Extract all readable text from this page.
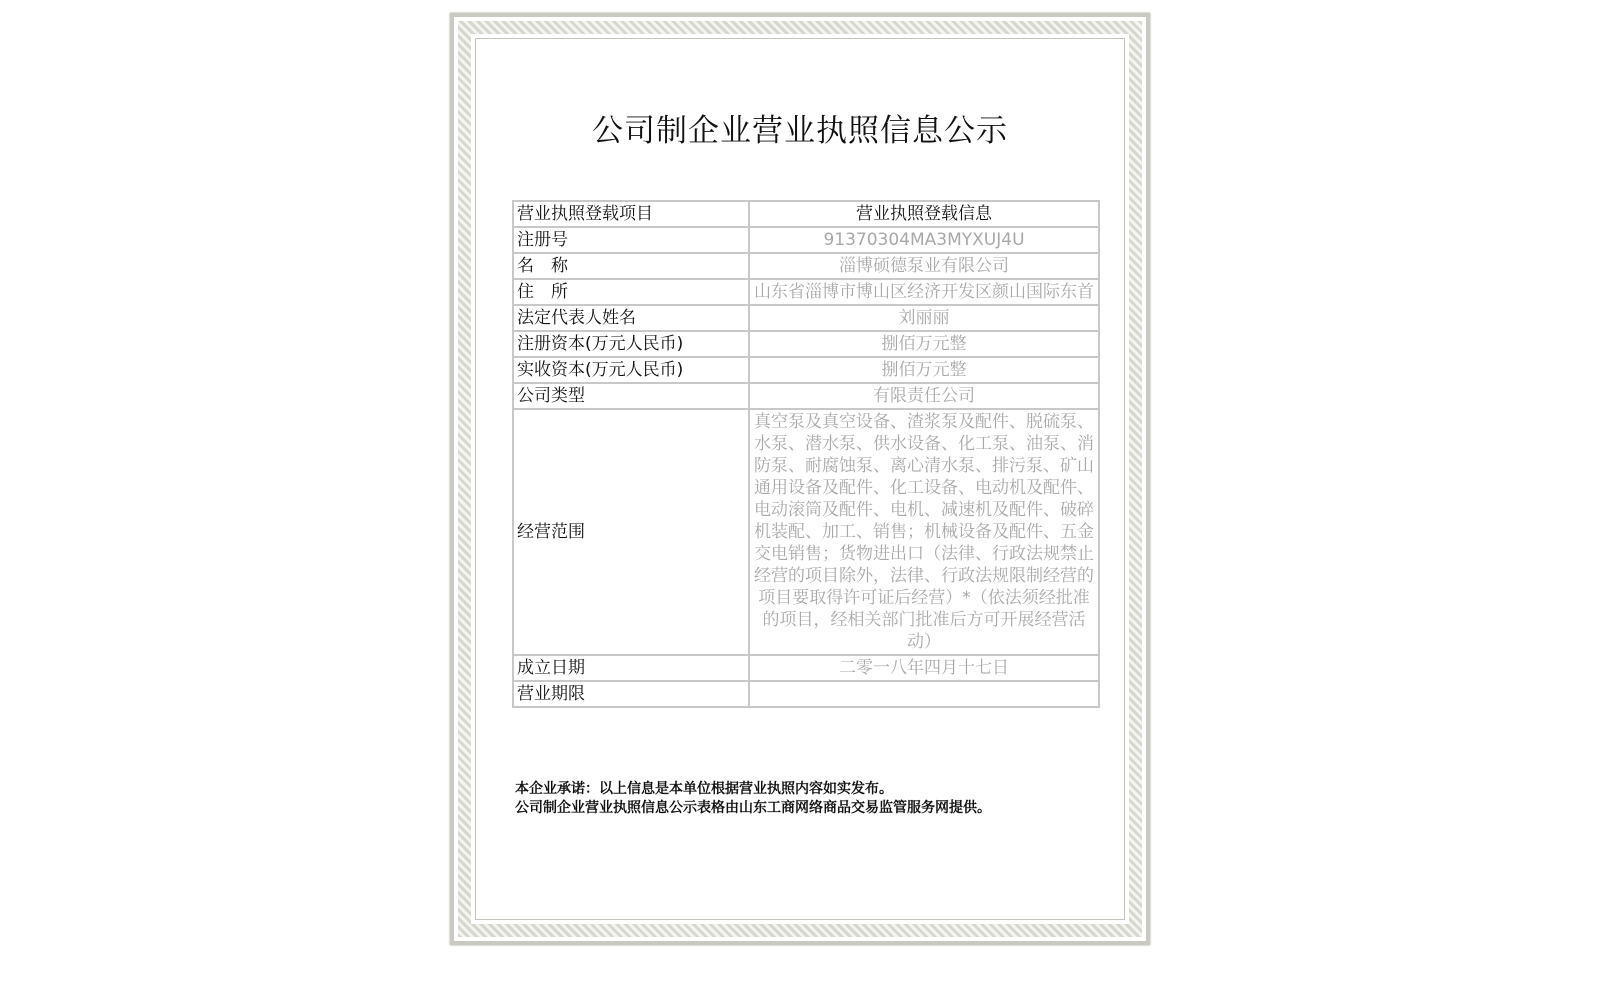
公司制企业营业执照信息公示
营业执照登载项目	营业执照登载信息
注册号	91370304MA3MYXUJ4U
名　称	淄博硕德泵业有限公司
住　所	山东省淄博市博山区经济开发区颜山国际东首
法定代表人姓名	刘丽丽
注册资本(万元人民币)	捌佰万元整
实收资本(万元人民币)	捌佰万元整
公司类型	有限责任公司
经营范围	真空泵及真空设备、渣浆泵及配件、脱硫泵、水泵、潜水泵、供水设备、化工泵、油泵、消防泵、耐腐蚀泵、离心清水泵、排污泵、矿山通用设备及配件、化工设备、电动机及配件、电动滚筒及配件、电机、减速机及配件、破碎机装配、加工、销售；机械设备及配件、五金交电销售；货物进出口（法律、行政法规禁止经营的项目除外，法律、行政法规限制经营的项目要取得许可证后经营）*（依法须经批准的项目，经相关部门批准后方可开展经营活动）
成立日期	二零一八年四月十七日
营业期限	
本企业承诺：以上信息是本单位根据营业执照内容如实发布。
公司制企业营业执照信息公示表格由山东工商网络商品交易监管服务网提供。
